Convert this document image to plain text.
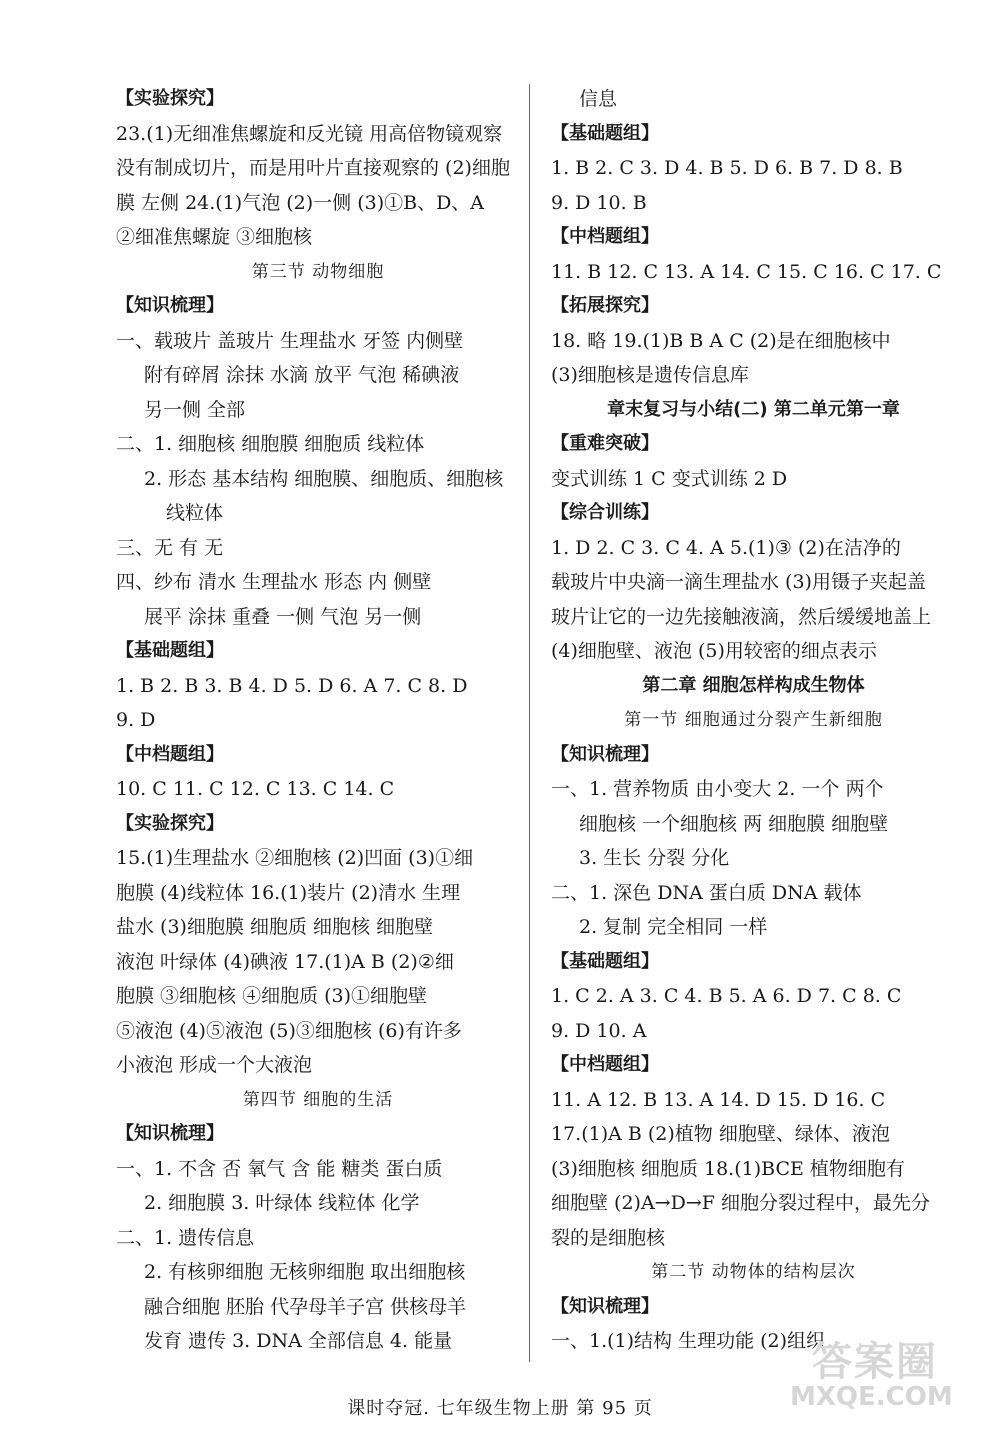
【实验探究】
23.(1)无细准焦螺旋和反光镜 用高倍物镜观察
没有制成切片，而是用叶片直接观察的 (2)细胞
膜 左侧 24.(1)气泡 (2)一侧 (3)①B、D、A
②细准焦螺旋 ③细胞核
第三节 动物细胞
【知识梳理】
一、载玻片 盖玻片 生理盐水 牙签 内侧壁
附有碎屑 涂抹 水滴 放平 气泡 稀碘液
另一侧 全部
二、1. 细胞核 细胞膜 细胞质 线粒体
2. 形态 基本结构 细胞膜、细胞质、细胞核
线粒体
三、无 有 无
四、纱布 清水 生理盐水 形态 内 侧壁
展平 涂抹 重叠 一侧 气泡 另一侧
【基础题组】
1. B 2. B 3. B 4. D 5. D 6. A 7. C 8. D
9. D
【中档题组】
10. C 11. C 12. C 13. C 14. C
【实验探究】
15.(1)生理盐水 ②细胞核 (2)凹面 (3)①细
胞膜 (4)线粒体 16.(1)装片 (2)清水 生理
盐水 (3)细胞膜 细胞质 细胞核 细胞壁
液泡 叶绿体 (4)碘液 17.(1)A B (2)②细
胞膜 ③细胞核 ④细胞质 (3)①细胞壁
⑤液泡 (4)⑤液泡 (5)③细胞核 (6)有许多
小液泡 形成一个大液泡
第四节 细胞的生活
【知识梳理】
一、1. 不含 否 氧气 含 能 糖类 蛋白质
2. 细胞膜 3. 叶绿体 线粒体 化学
二、1. 遗传信息
2. 有核卵细胞 无核卵细胞 取出细胞核
融合细胞 胚胎 代孕母羊子宫 供核母羊
发育 遗传 3. DNA 全部信息 4. 能量
信息
【基础题组】
1. B 2. C 3. D 4. B 5. D 6. B 7. D 8. B
9. D 10. B
【中档题组】
11. B 12. C 13. A 14. C 15. C 16. C 17. C
【拓展探究】
18. 略 19.(1)B B A C (2)是在细胞核中
(3)细胞核是遗传信息库
章末复习与小结(二) 第二单元第一章
【重难突破】
变式训练 1 C 变式训练 2 D
【综合训练】
1. D 2. C 3. C 4. A 5.(1)③ (2)在洁净的
载玻片中央滴一滴生理盐水 (3)用镊子夹起盖
玻片让它的一边先接触液滴，然后缓缓地盖上
(4)细胞壁、液泡 (5)用较密的细点表示
第二章 细胞怎样构成生物体
第一节 细胞通过分裂产生新细胞
【知识梳理】
一、1. 营养物质 由小变大 2. 一个 两个
细胞核 一个细胞核 两 细胞膜 细胞壁
3. 生长 分裂 分化
二、1. 深色 DNA 蛋白质 DNA 载体
2. 复制 完全相同 一样
【基础题组】
1. C 2. A 3. C 4. B 5. A 6. D 7. C 8. C
9. D 10. A
【中档题组】
11. A 12. B 13. A 14. D 15. D 16. C
17.(1)A B (2)植物 细胞壁、绿体、液泡
(3)细胞核 细胞质 18.(1)BCE 植物细胞有
细胞壁 (2)A→D→F 细胞分裂过程中，最先分
裂的是细胞核
第二节 动物体的结构层次
【知识梳理】
一、1.(1)结构 生理功能 (2)组织
课时夺冠. 七年级生物上册 第 95 页
答案圈
MXQE.COM
